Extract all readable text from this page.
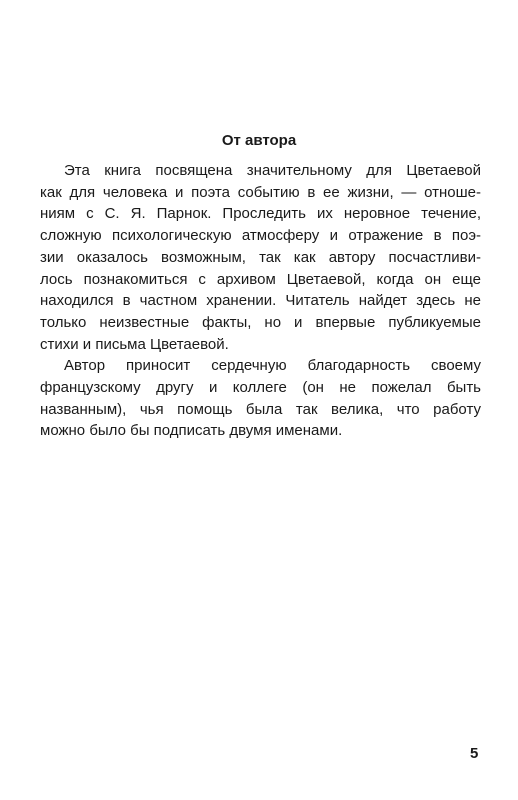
От автора

Эта книга посвящена значительному для Цветаевой
как для человека и поэта событию в ее жизни, — отноше-
ниям с С. Я. Парнок. Проследить их неровное течение,
сложную психологическую атмосферу и отражение в поэ-
зии оказалось возможным, так как автору посчастливи-
лось познакомиться с архивом Цветаевой, когда он еще
находился в частном хранении. Читатель найдет здесь не
только неизвестные факты, но и впервые публикуемые
стихи и письма Цветаевой.

Автор приносит сердечную благодарность своему
французскому другу и коллеге (он не пожелал быть
названным), чья помощь была так велика, что работу
можно было бы подписать двумя именами.

5
